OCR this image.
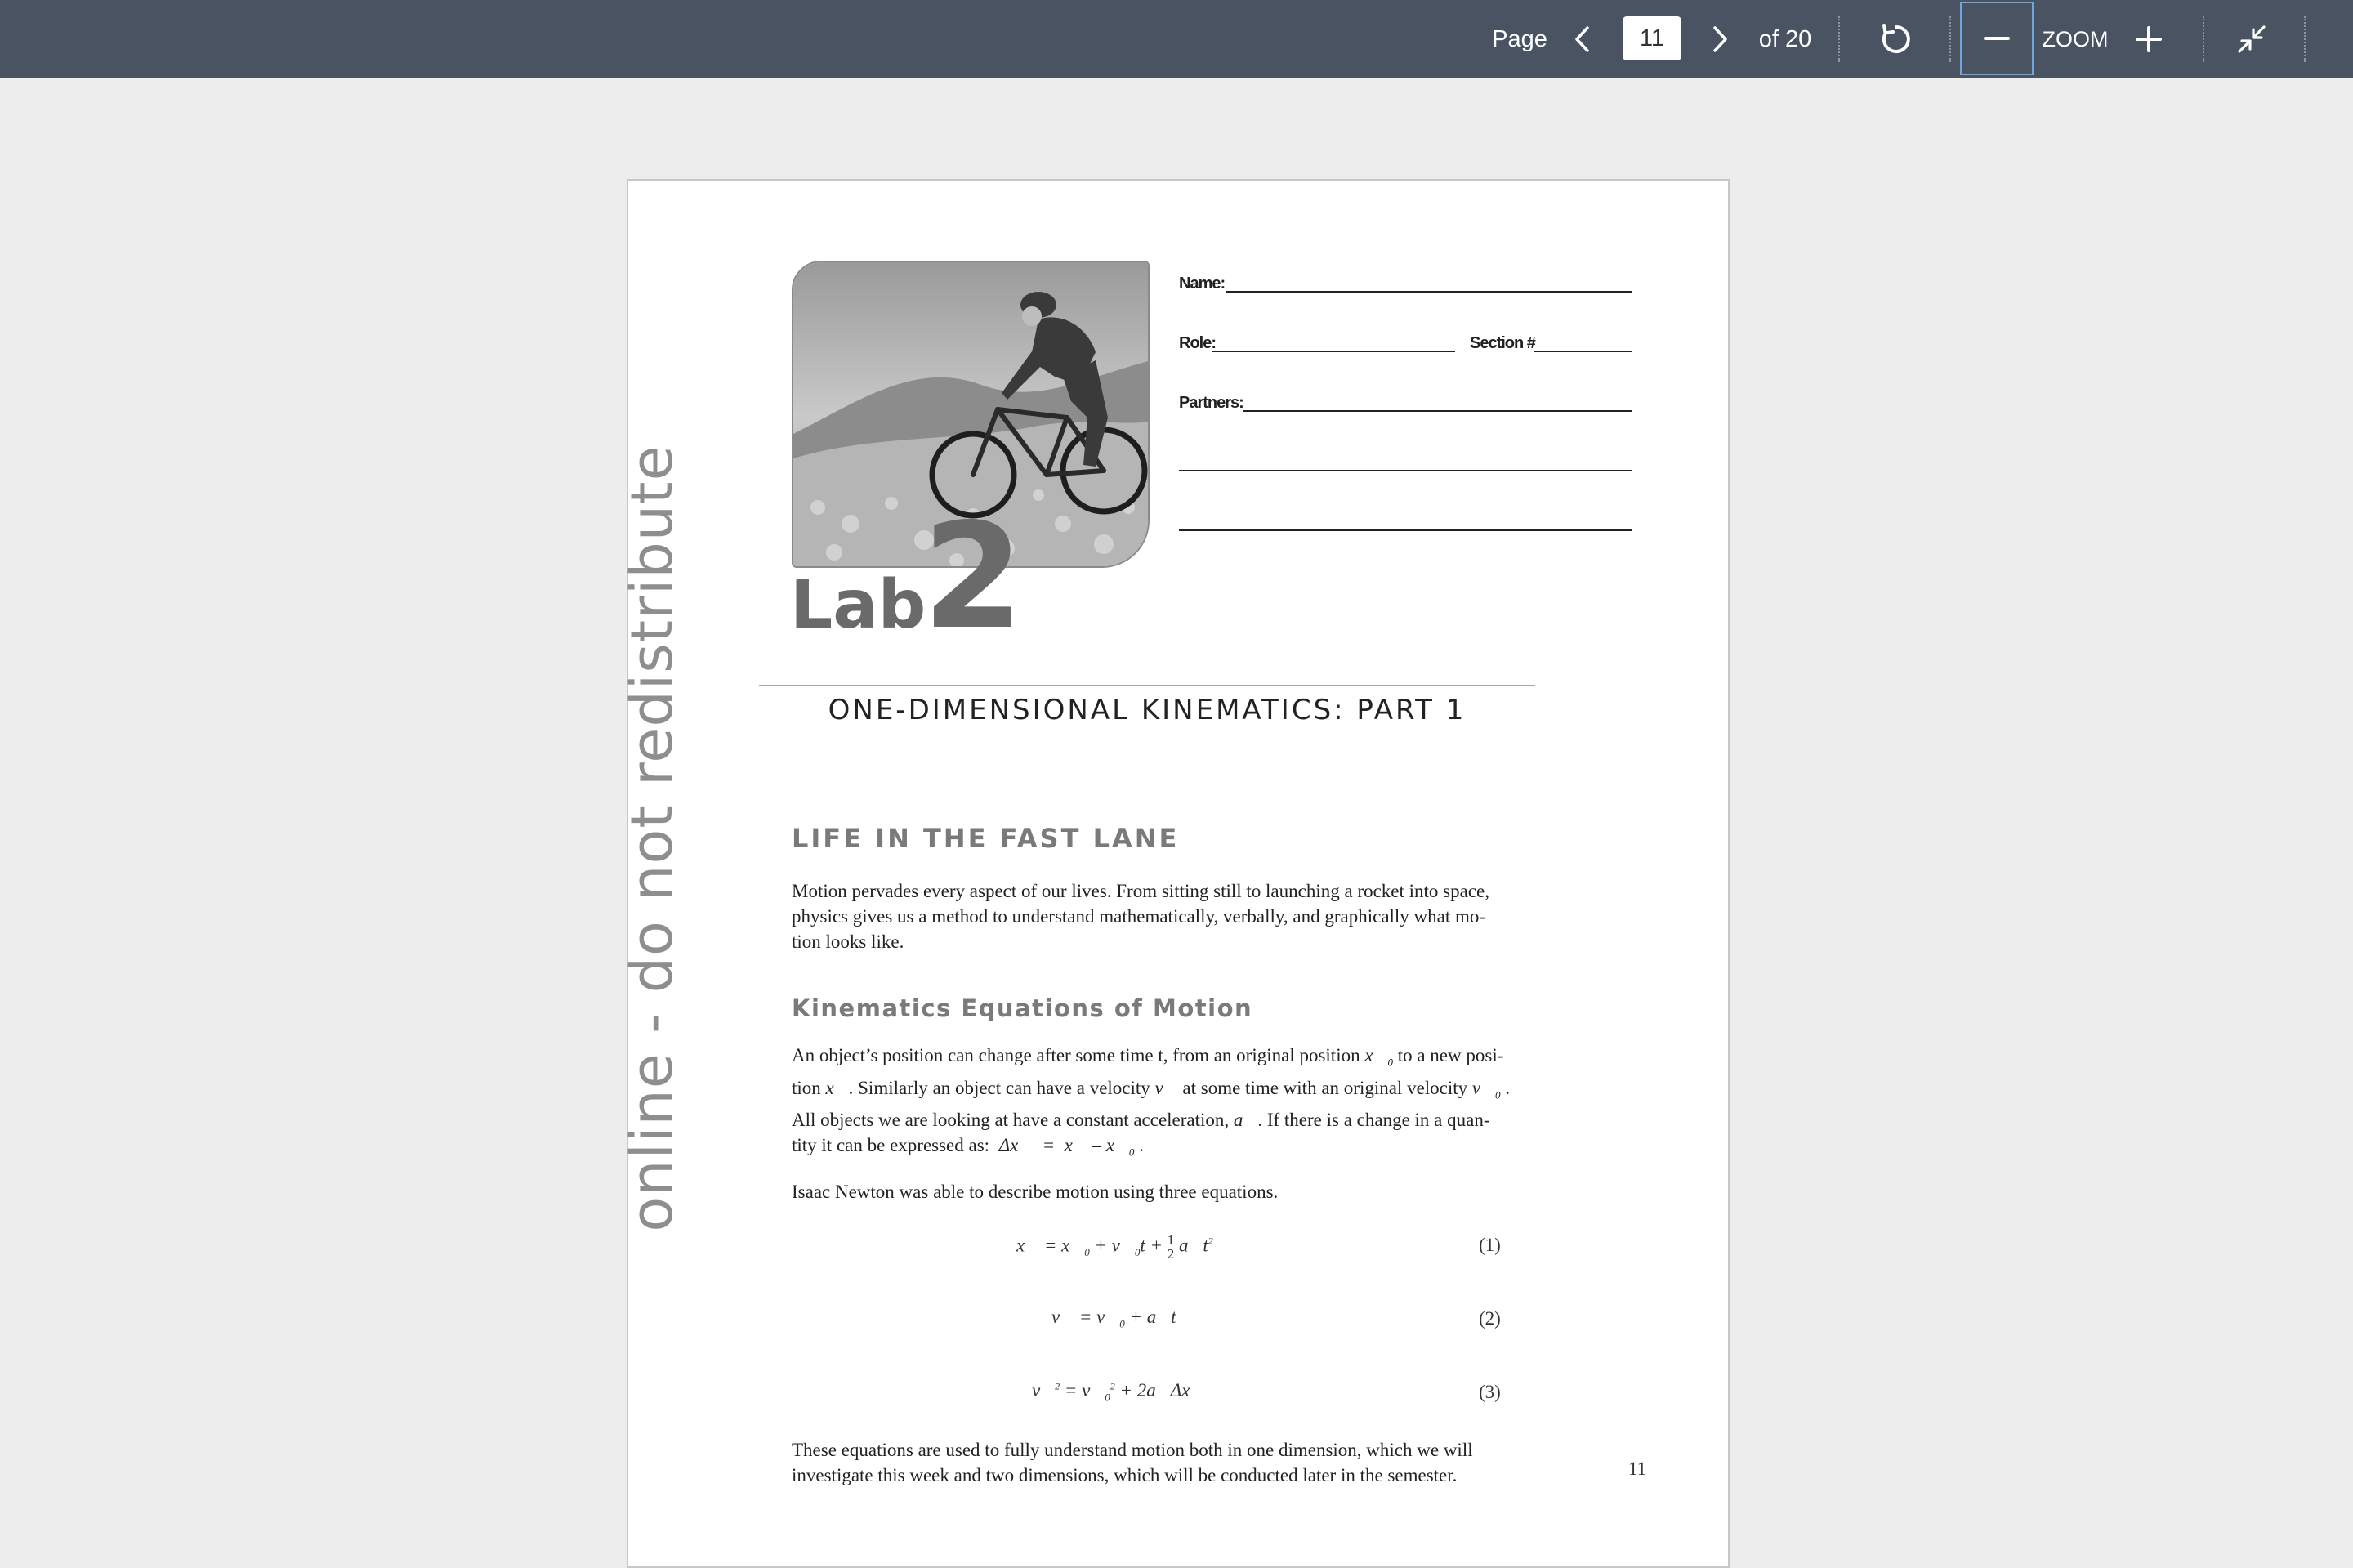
Page
11	of 20	ZOOM
Lab
2
Name:
Role:	Section #
Partners:
ONE-DIMENSIONAL KINEMATICS: PART 1
LIFE IN THE FAST LANE
Motion pervades every aspect of our lives. From sitting still to launching a rocket into space,
physics gives us a method to understand mathematically, verbally, and graphically what mo-
tion looks like.
Kinematics Equations of Motion
An object’s position can change after some time t, from an original position $x⃗_0$ to a new posi-
tion x⃗. Similarly an object can have a velocity v⃗ at some time with an original velocity $v⃗_0$ .
All objects we are looking at have a constant acceleration, a⃗. If there is a change in a quan-
tity it can be expressed as:  Δx⃗  =  x⃗ – $x⃗_0$ .
Isaac Newton was able to describe motion using three equations.
x⃗ = $x⃗_0$ + $v⃗_0t + 1$
2 $a⃗t^2$	(1)
v⃗ = $v⃗_0$ + a⃗t	(2)
v⃗$^2$ = $v⃗_0^2$ + 2a⃗Δx⃗	(3)
These equations are used to fully understand motion both in one dimension, which we will
investigate this week and two dimensions, which will be conducted later in the semester.	11
online - do not redistribute
